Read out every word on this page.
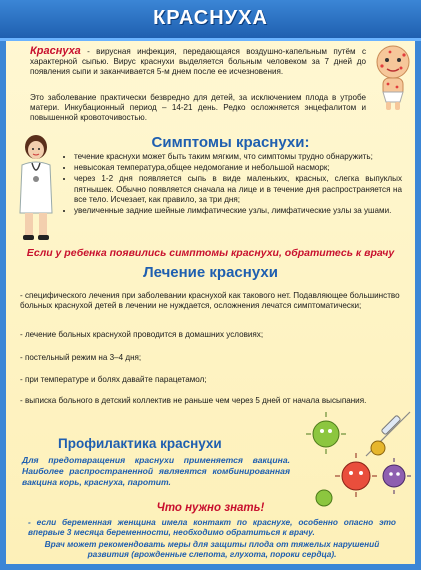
КРАСНУХА
Краснуха - вирусная инфекция, передающаяся воздушно-капельным путём с характерной сыпью. Вирус краснухи выделяется больным человеком за 7 дней до появления сыпи и заканчивается 5-м днем после ее исчезновения.
Это заболевание практически безвредно для детей, за исключением плода в утробе матери. Инкубационный период – 14-21 день. Редко осложняется энцефалитом и повышенной кровоточивостью.
Симптомы краснухи:
• течение краснухи может быть таким мягким, что симптомы трудно обнаружить;
• невысокая температура,общее недомогание и небольшой насморк;
• через 1-2 дня появляется сыпь в виде маленьких, красных, слегка выпуклых пятнышек. Обычно появляется сначала на лице и в течение дня распространяется на все тело. Исчезает, как правило, за три дня;
• увеличенные задние шейные лимфатические узлы, лимфатические узлы за ушами.
Если у ребенка появились симптомы краснухи, обратитесь к врачу
Лечение краснухи
- специфического лечения при заболевании краснухой как такового нет. Подавляющее большинство больных краснухой детей в лечении не нуждается, осложнения лечатся симптоматически;
- лечение больных краснухой проводится в домашних условиях;
- постельный режим на 3–4 дня;
- при температуре и болях давайте парацетамол;
- выписка больного в детский коллектив не раньше чем через 5 дней от начала высыпания.
Профилактика краснухи
Для предотвращения краснухи применяется вакцина. Наиболее распространенной являеятся комбинированная вакцина корь, краснуха, паротит.
Что нужно знать!
- если беременная женщина имела контакт по краснухе, особенно опасно это впервые 3 месяца беременности, необходимо обратиться к врачу.
Врач может рекомендовать меры для защиты плода от тяжелых нарушений развития (врожденные слепота, глухота, пороки сердца).
